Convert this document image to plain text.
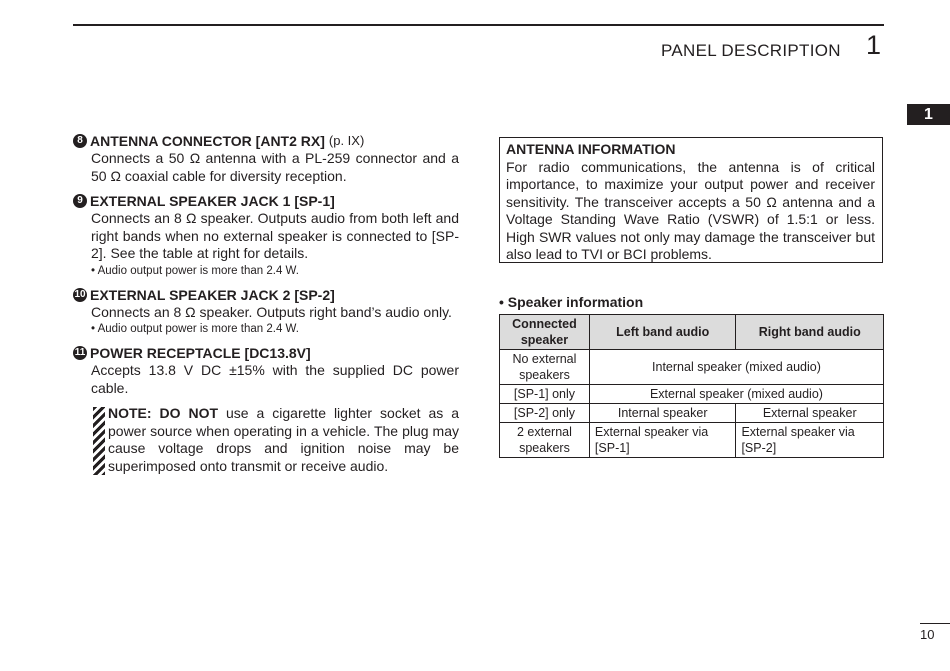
PANEL DESCRIPTION 1
1
8 ANTENNA CONNECTOR [ANT2 RX] (p. IX)
Connects a 50 Ω antenna with a PL-259 connector and a 50 Ω coaxial cable for diversity reception.
9 EXTERNAL SPEAKER JACK 1 [SP-1]
Connects an 8 Ω speaker. Outputs audio from both left and right bands when no external speaker is connected to [SP-2]. See the table at right for details.
• Audio output power is more than 2.4 W.
10 EXTERNAL SPEAKER JACK 2 [SP-2]
Connects an 8 Ω speaker. Outputs right band’s audio only.
• Audio output power is more than 2.4 W.
11 POWER RECEPTACLE [DC13.8V]
Accepts 13.8 V DC ±15% with the supplied DC power cable.
NOTE: DO NOT use a cigarette lighter socket as a power source when operating in a vehicle. The plug may cause voltage drops and ignition noise may be superimposed onto transmit or receive audio.
ANTENNA INFORMATION
For radio communications, the antenna is of critical importance, to maximize your output power and receiver sensitivity. The transceiver accepts a 50 Ω antenna and a Voltage Standing Wave Ratio (VSWR) of 1.5:1 or less. High SWR values not only may damage the transceiver but also lead to TVI or BCI problems.
• Speaker information
Connected speaker	Left band audio	Right band audio
No external speakers	Internal speaker (mixed audio)	
[SP-1] only	External speaker (mixed audio)	
[SP-2] only	Internal speaker	External speaker
2 external speakers	External speaker via [SP-1]	External speaker via [SP-2]
10
